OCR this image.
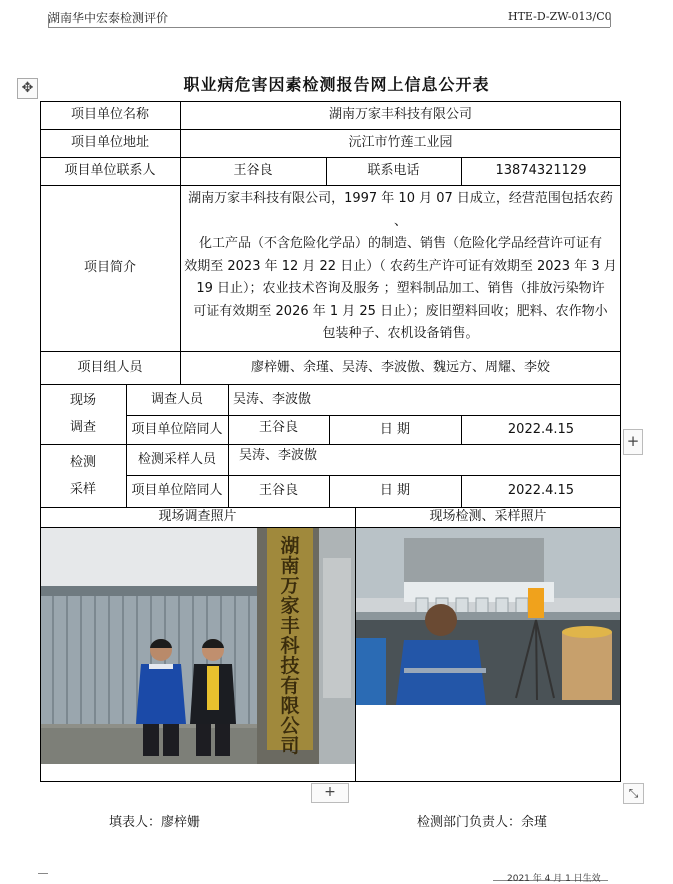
湖南华中宏泰检测评价	HTE-D-ZW-013/C0
✥	职业病危害因素检测报告网上信息公开表
项目单位名称	湖南万家丰科技有限公司
项目单位地址	沅江市竹莲工业园
项目单位联系人	王谷良	联系电话	13874321129
项目简介
湖南万家丰科技有限公司，1997 年 10 月 07 日成立，经营范围包括农药 、
化工产品（不含危险化学品）的制造、销售（危险化学品经营许可证有
效期至 2023 年 12 月 22 日止）（ 农药生产许可证有效期至 2023 年 3 月
19 日止）；农业技术咨询及服务 ；塑料制品加工、销售（排放污染物许
可证有效期至 2026 年 1 月 25 日止）；废旧塑料回收；肥料、农作物小
包装种子、农机设备销售。
项目组人员	廖梓姗、余瑾、吴涛、李波傲、魏远方、周耀、李姣
现场
调查
调查人员	吴涛、李波傲
项目单位陪同人	王谷良	日 期	2022.4.15
检测
采样
检测采样人员	吴涛、李波傲
项目单位陪同人	王谷良	日 期	2022.4.15
现场调查照片	现场检测、采样照片
湖
南
万
家
丰
科
技
有
限
公
司
+
+	⤡
填表人：廖梓姗	检测部门负责人：余瑾
2021 年 4 月 1 日生效
